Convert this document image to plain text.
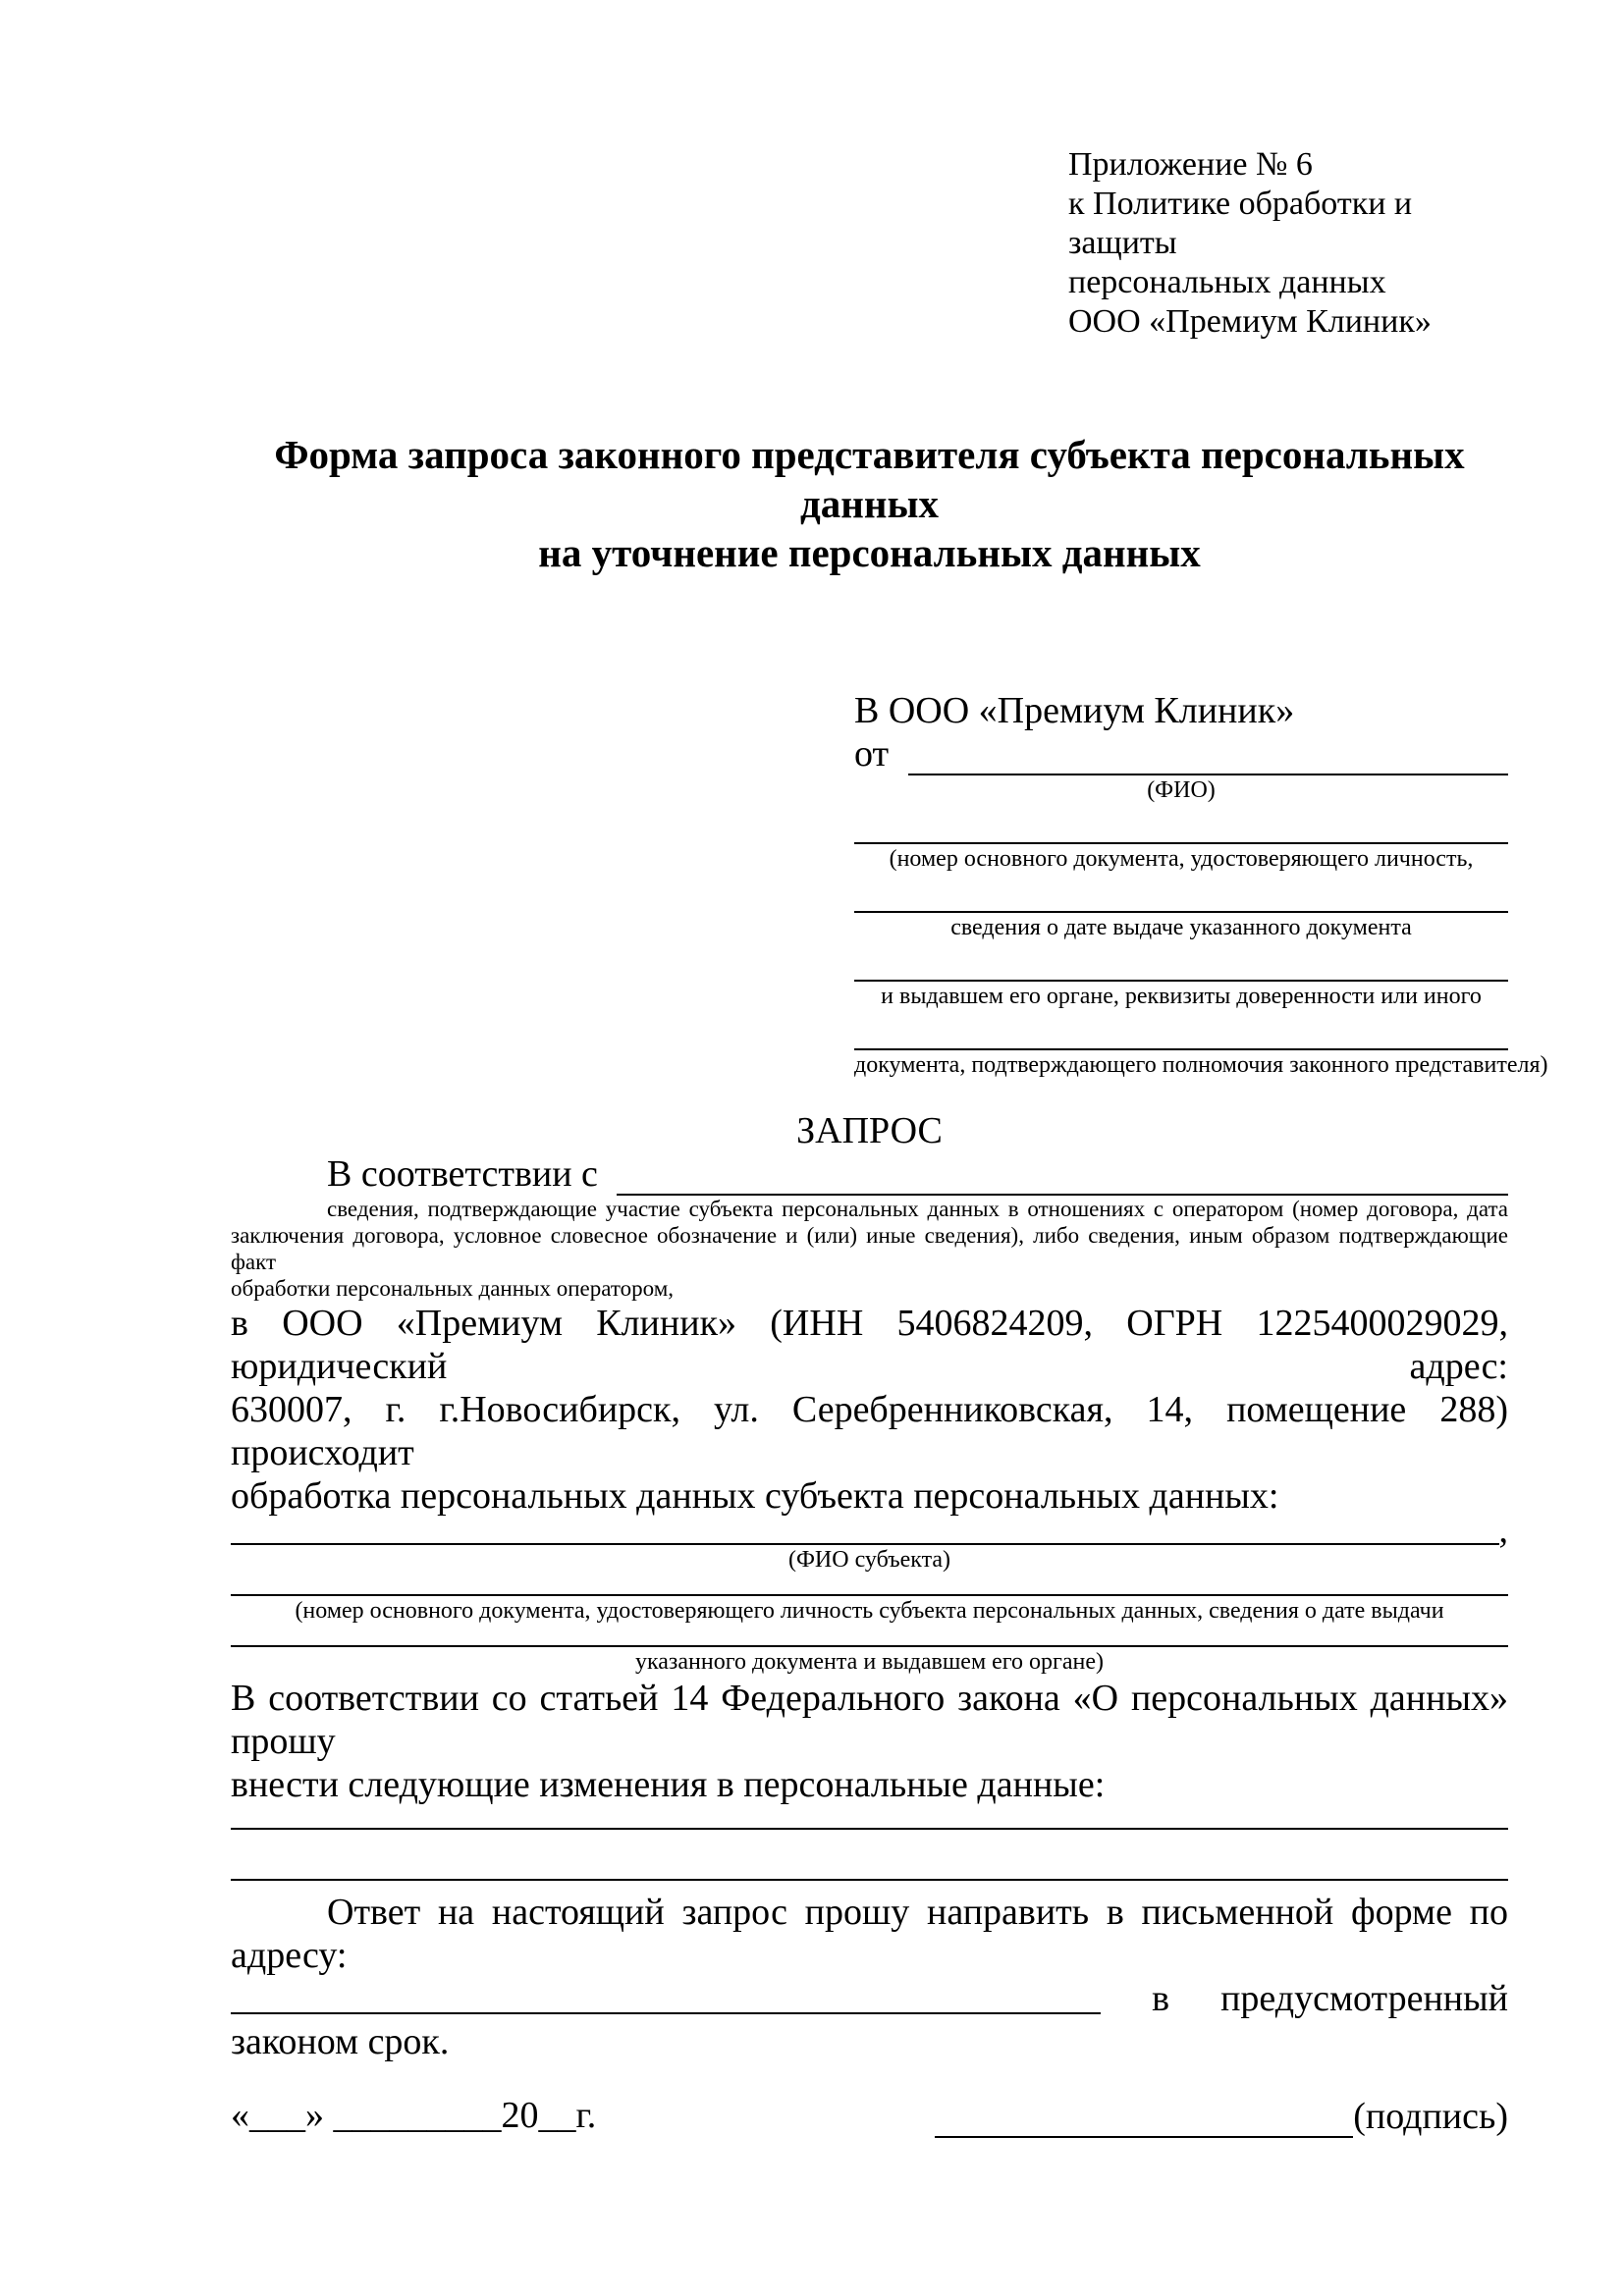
Приложение № 6
к Политике обработки и защиты
персональных данных
ООО «Премиум Клиник»
Форма запроса законного представителя субъекта персональных данных
на уточнение персональных данных
В ООО «Премиум Клиник»
от
(ФИО)
(номер основного документа, удостоверяющего личность,
сведения о дате выдаче указанного документа
и выдавшем его органе, реквизиты доверенности или иного
документа, подтверждающего полномочия законного представителя)
ЗАПРОС
В соответствии с
сведения, подтверждающие участие субъекта персональных данных в отношениях с оператором (номер договора, дата
заключения договора, условное словесное обозначение и (или) иные сведения), либо сведения, иным образом подтверждающие факт
обработки персональных данных оператором,
в ООО «Премиум Клиник» (ИНН 5406824209, ОГРН 1225400029029, юридический адрес:
630007, г. г.Новосибирск, ул. Серебренниковская, 14, помещение 288) происходит
обработка персональных данных субъекта персональных данных:
,
(ФИО субъекта)
(номер основного документа, удостоверяющего личность субъекта персональных данных, сведения о дате выдачи
указанного документа и выдавшем его органе)
В соответствии со статьей 14 Федерального закона «О персональных данных» прошу
внести следующие изменения в персональные данные:
Ответ на настоящий запрос прошу направить в письменной форме по адресу:
в	предусмотренный
законом срок.
«___» _________20__г.	(подпись)
